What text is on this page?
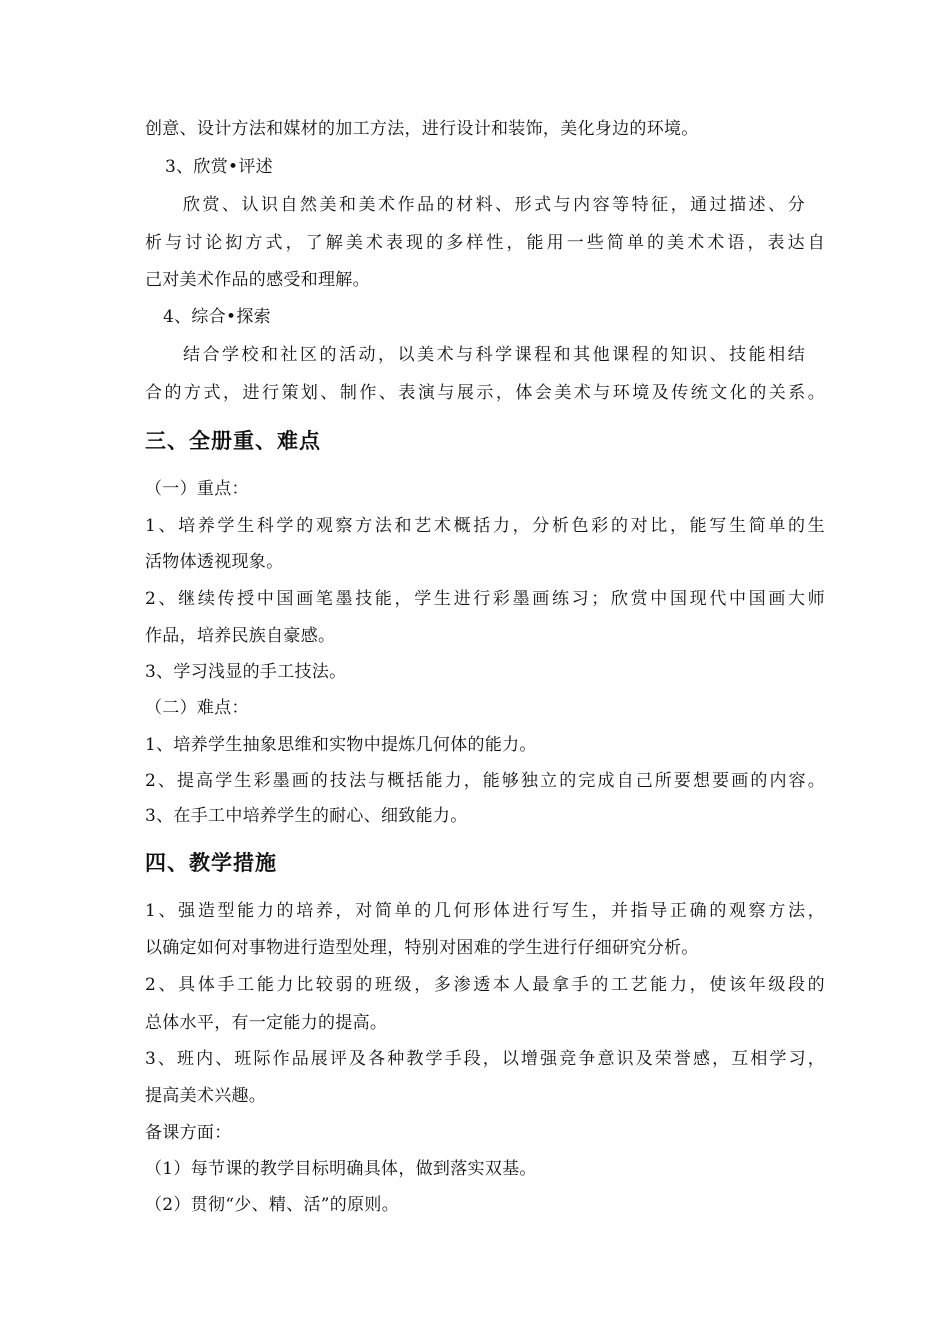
创意、设计方法和媒材的加工方法，进行设计和装饰，美化身边的环境。
3、欣赏•评述
欣赏、认识自然美和美术作品的材料、形式与内容等特征，通过描述、分
析与讨论抝方式，了解美术表现的多样性，能用一些简单的美术术语，表达自
己对美术作品的感受和理解。
4、综合•探索
结合学校和社区的活动，以美术与科学课程和其他课程的知识、技能相结
合的方式，进行策划、制作、表演与展示，体会美术与环境及传统文化的关系。
三、全册重、难点
（一）重点：
1、培养学生科学的观察方法和艺术概括力，分析色彩的对比，能写生简单的生
活物体透视现象。
2、继续传授中国画笔墨技能，学生进行彩墨画练习；欣赏中国现代中国画大师
作品，培养民族自豪感。
3、学习浅显的手工技法。
（二）难点：
1、培养学生抽象思维和实物中提炼几何体的能力。
2、提高学生彩墨画的技法与概括能力，能够独立的完成自己所要想要画的内容。
3、在手工中培养学生的耐心、细致能力。
四、教学措施
1、强造型能力的培养，对简单的几何形体进行写生，并指导正确的观察方法，
以确定如何对事物进行造型处理，特别对困难的学生进行仔细研究分析。
2、具体手工能力比较弱的班级，多渗透本人最拿手的工艺能力，使该年级段的
总体水平，有一定能力的提高。
3、班内、班际作品展评及各种教学手段，以增强竞争意识及荣誉感，互相学习，
提高美术兴趣。
备课方面：
（1）每节课的教学目标明确具体，做到落实双基。
（2）贯彻“少、精、活”的原则。
